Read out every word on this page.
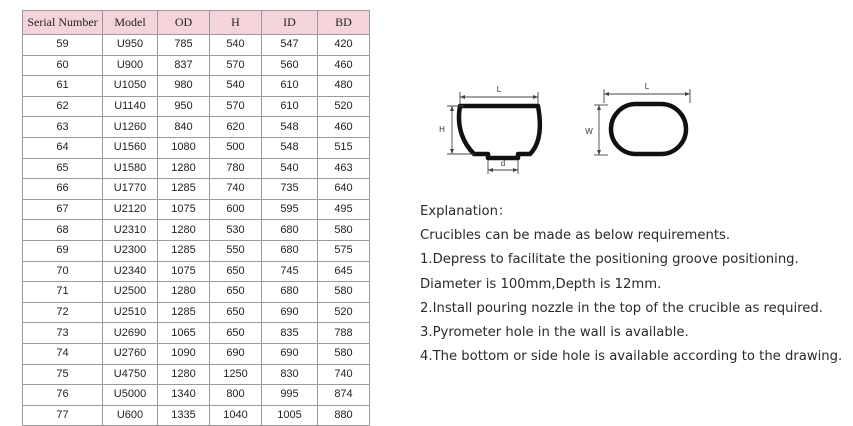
Serial Number	Model	OD	H	ID	BD
59	U950	785	540	547	420
60	U900	837	570	560	460
61	U1050	980	540	610	480
62	U1140	950	570	610	520
63	U1260	840	620	548	460
64	U1560	1080	500	548	515
65	U1580	1280	780	540	463
66	U1770	1285	740	735	640
67	U2120	1075	600	595	495
68	U2310	1280	530	680	580
69	U2300	1285	550	680	575
70	U2340	1075	650	745	645
71	U2500	1280	650	680	580
72	U2510	1285	650	690	520
73	U2690	1065	650	835	788
74	U2760	1090	690	690	580
75	U4750	1280	1250	830	740
76	U5000	1340	800	995	874
77	U600	1335	1040	1005	880
L
H
d
L
W
Explanation：
Crucibles can be made as below requirements.
1.Depress to facilitate the positioning groove positioning.
Diameter is 100mm,Depth is 12mm.
2.Install pouring nozzle in the top of the crucible as required.
3.Pyrometer hole in the wall is available.
4.The bottom or side hole is available according to the drawing.
